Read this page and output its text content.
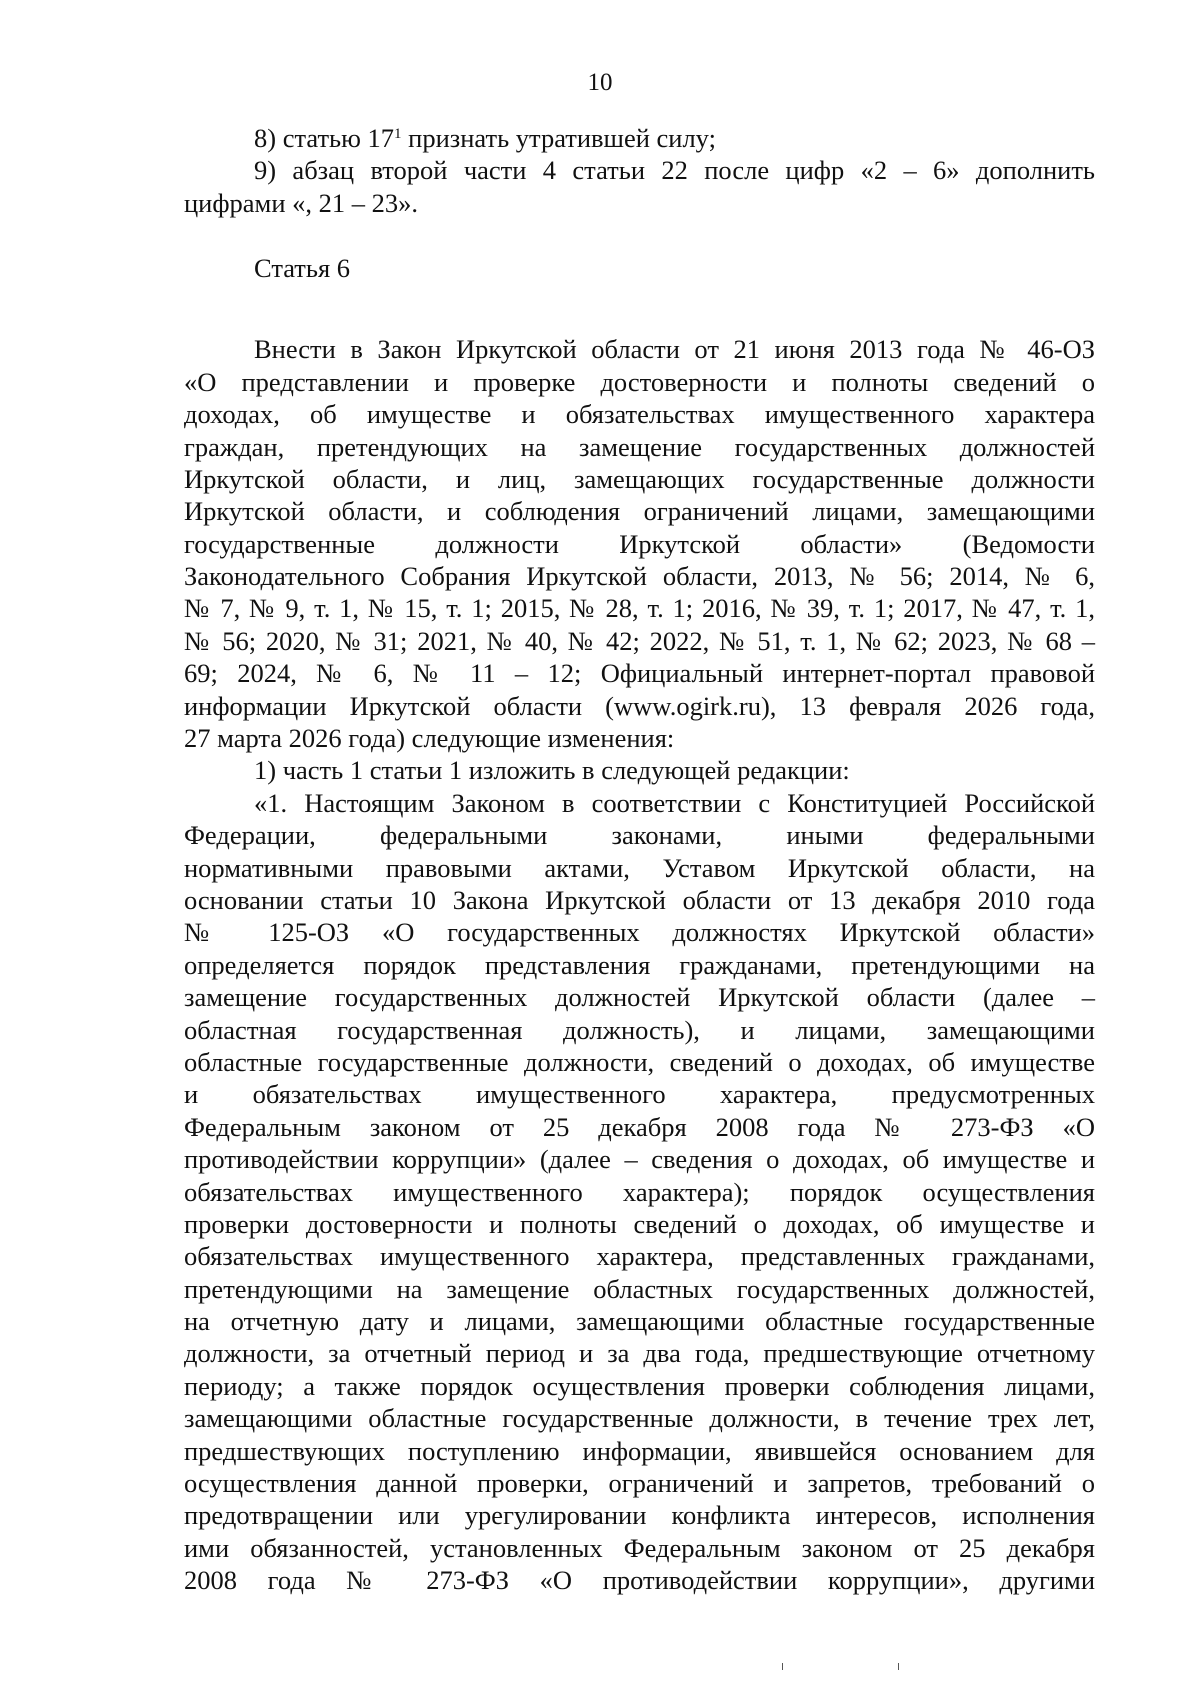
10
8) статью $17^1$ признать утратившей силу;
9) абзац второй части 4 статьи 22 после цифр «2 – 6» дополнить
цифрами «, 21 – 23».
Статья 6
Внести в Закон Иркутской области от 21 июня 2013 года № 46-ОЗ
«О представлении и проверке достоверности и полноты сведений о
доходах, об имуществе и обязательствах имущественного характера
граждан, претендующих на замещение государственных должностей
Иркутской области, и лиц, замещающих государственные должности
Иркутской области, и соблюдения ограничений лицами, замещающими
государственные должности Иркутской области» (Ведомости
Законодательного Собрания Иркутской области, 2013, № 56; 2014, № 6,
№ 7, № 9, т. 1, № 15, т. 1; 2015, № 28, т. 1; 2016, № 39, т. 1; 2017, № 47, т. 1,
№ 56; 2020, № 31; 2021, № 40, № 42; 2022, № 51, т. 1, № 62; 2023, № 68 –
69; 2024, № 6, № 11 – 12; Официальный интернет-портал правовой
информации Иркутской области (www.ogirk.ru), 13 февраля 2026 года,
27 марта 2026 года) следующие изменения:
1) часть 1 статьи 1 изложить в следующей редакции:
«1. Настоящим Законом в соответствии с Конституцией Российской
Федерации, федеральными законами, иными федеральными
нормативными правовыми актами, Уставом Иркутской области, на
основании статьи 10 Закона Иркутской области от 13 декабря 2010 года
№ 125-ОЗ «О государственных должностях Иркутской области»
определяется порядок представления гражданами, претендующими на
замещение государственных должностей Иркутской области (далее –
областная государственная должность), и лицами, замещающими
областные государственные должности, сведений о доходах, об имуществе
и обязательствах имущественного характера, предусмотренных
Федеральным законом от 25 декабря 2008 года № 273-ФЗ «О
противодействии коррупции» (далее – сведения о доходах, об имуществе и
обязательствах имущественного характера); порядок осуществления
проверки достоверности и полноты сведений о доходах, об имуществе и
обязательствах имущественного характера, представленных гражданами,
претендующими на замещение областных государственных должностей,
на отчетную дату и лицами, замещающими областные государственные
должности, за отчетный период и за два года, предшествующие отчетному
периоду; а также порядок осуществления проверки соблюдения лицами,
замещающими областные государственные должности, в течение трех лет,
предшествующих поступлению информации, явившейся основанием для
осуществления данной проверки, ограничений и запретов, требований о
предотвращении или урегулировании конфликта интересов, исполнения
ими обязанностей, установленных Федеральным законом от 25 декабря
2008 года № 273-ФЗ «О противодействии коррупции», другими
